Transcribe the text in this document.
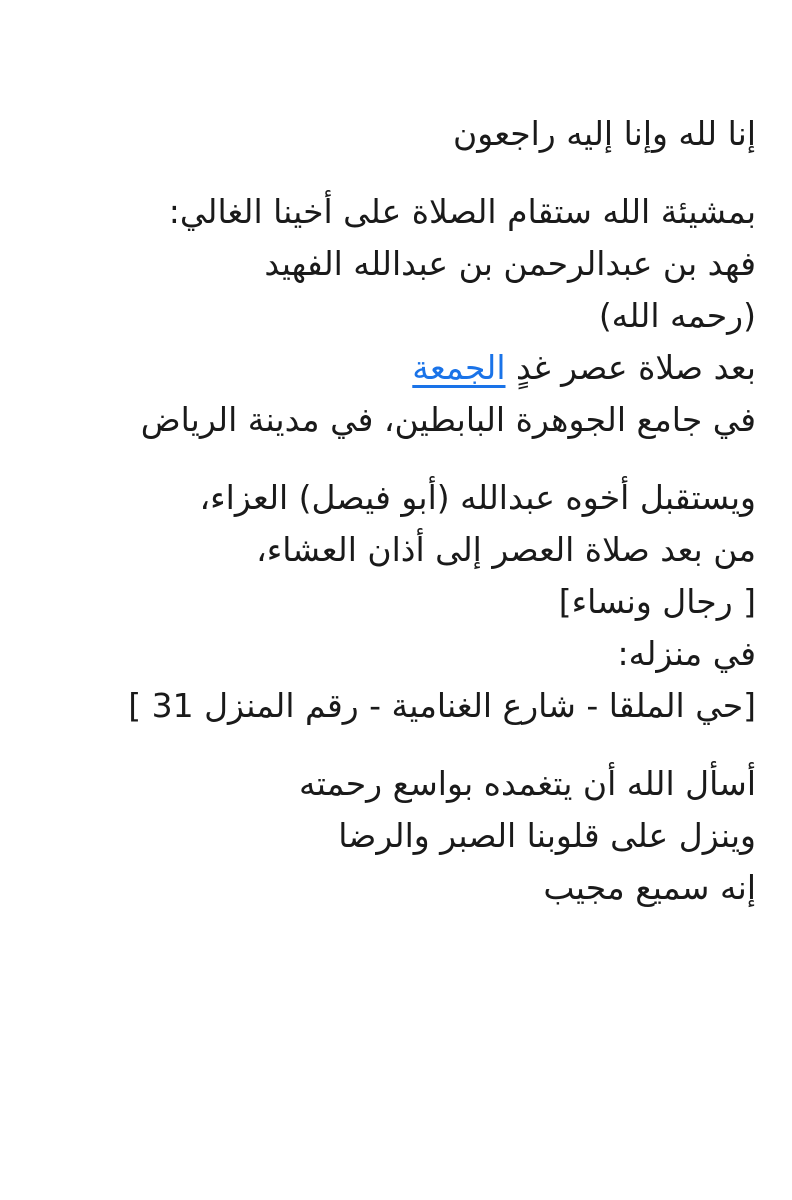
إنا لله وإنا إليه راجعون
بمشيئة الله ستقام الصلاة على أخينا الغالي:
فهد بن عبدالرحمن بن عبدالله الفهيد
(رحمه الله)
بعد صلاة عصر غدٍ الجمعة
في جامع الجوهرة البابطين، في مدينة الرياض
ويستقبل أخوه عبدالله (أبو فيصل) العزاء،
من بعد صلاة العصر إلى أذان العشاء،
[ رجال ونساء]
في منزله:
[حي الملقا - شارع الغنامية - رقم المنزل 31 ]
أسأل الله أن يتغمده بواسع رحمته
وينزل على قلوبنا الصبر والرضا
إنه سميع مجيب
